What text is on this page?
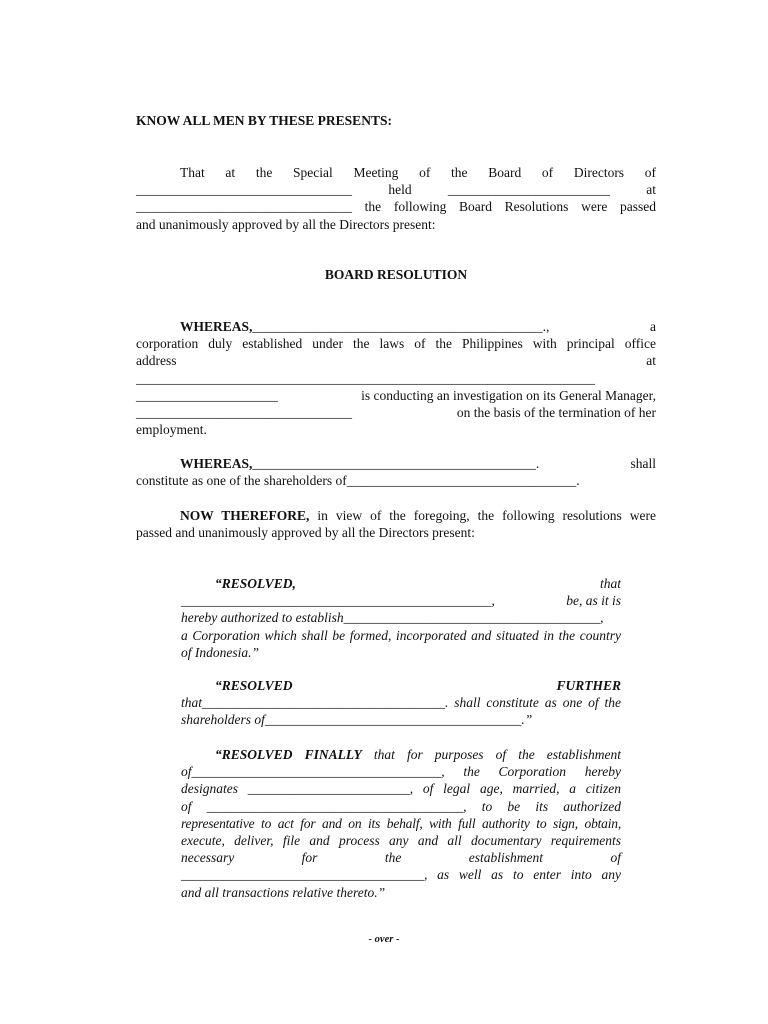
KNOW ALL MEN BY THESE PRESENTS:
That at the Special Meeting of the Board of Directors of
________________________________	held	________________________	at
________________________________ the following Board Resolutions were passed
and unanimously approved by all the Directors present:
BOARD RESOLUTION
WHEREAS,___________________________________________.,	a
corporation duly established under the laws of the Philippines with principal office
address	at
____________________________________________________________________
_____________________	is conducting an investigation on its General Manager,
________________________________	on the basis of the termination of her
employment.
WHEREAS,__________________________________________.	shall
constitute as one of the shareholders of__________________________________.
NOW THEREFORE, in view of the foregoing, the following resolutions were
passed and unanimously approved by all the Directors present:
“RESOLVED,	that
______________________________________________,	be, as it is
hereby authorized to establish______________________________________,
a Corporation which shall be formed, incorporated and situated in the country
of Indonesia.”
“RESOLVED	FURTHER
that____________________________________. shall constitute as one of the
shareholders of______________________________________.”
“RESOLVED FINALLY that for purposes of the establishment
of_____________________________________, the Corporation hereby
designates ________________________, of legal age, married, a citizen
of ______________________________________, to be its authorized
representative to act for and on its behalf, with full authority to sign, obtain,
execute, deliver, file and process any and all documentary requirements
necessary	for	the	establishment	of
____________________________________, as well as to enter into any
and all transactions relative thereto.”
- over -
